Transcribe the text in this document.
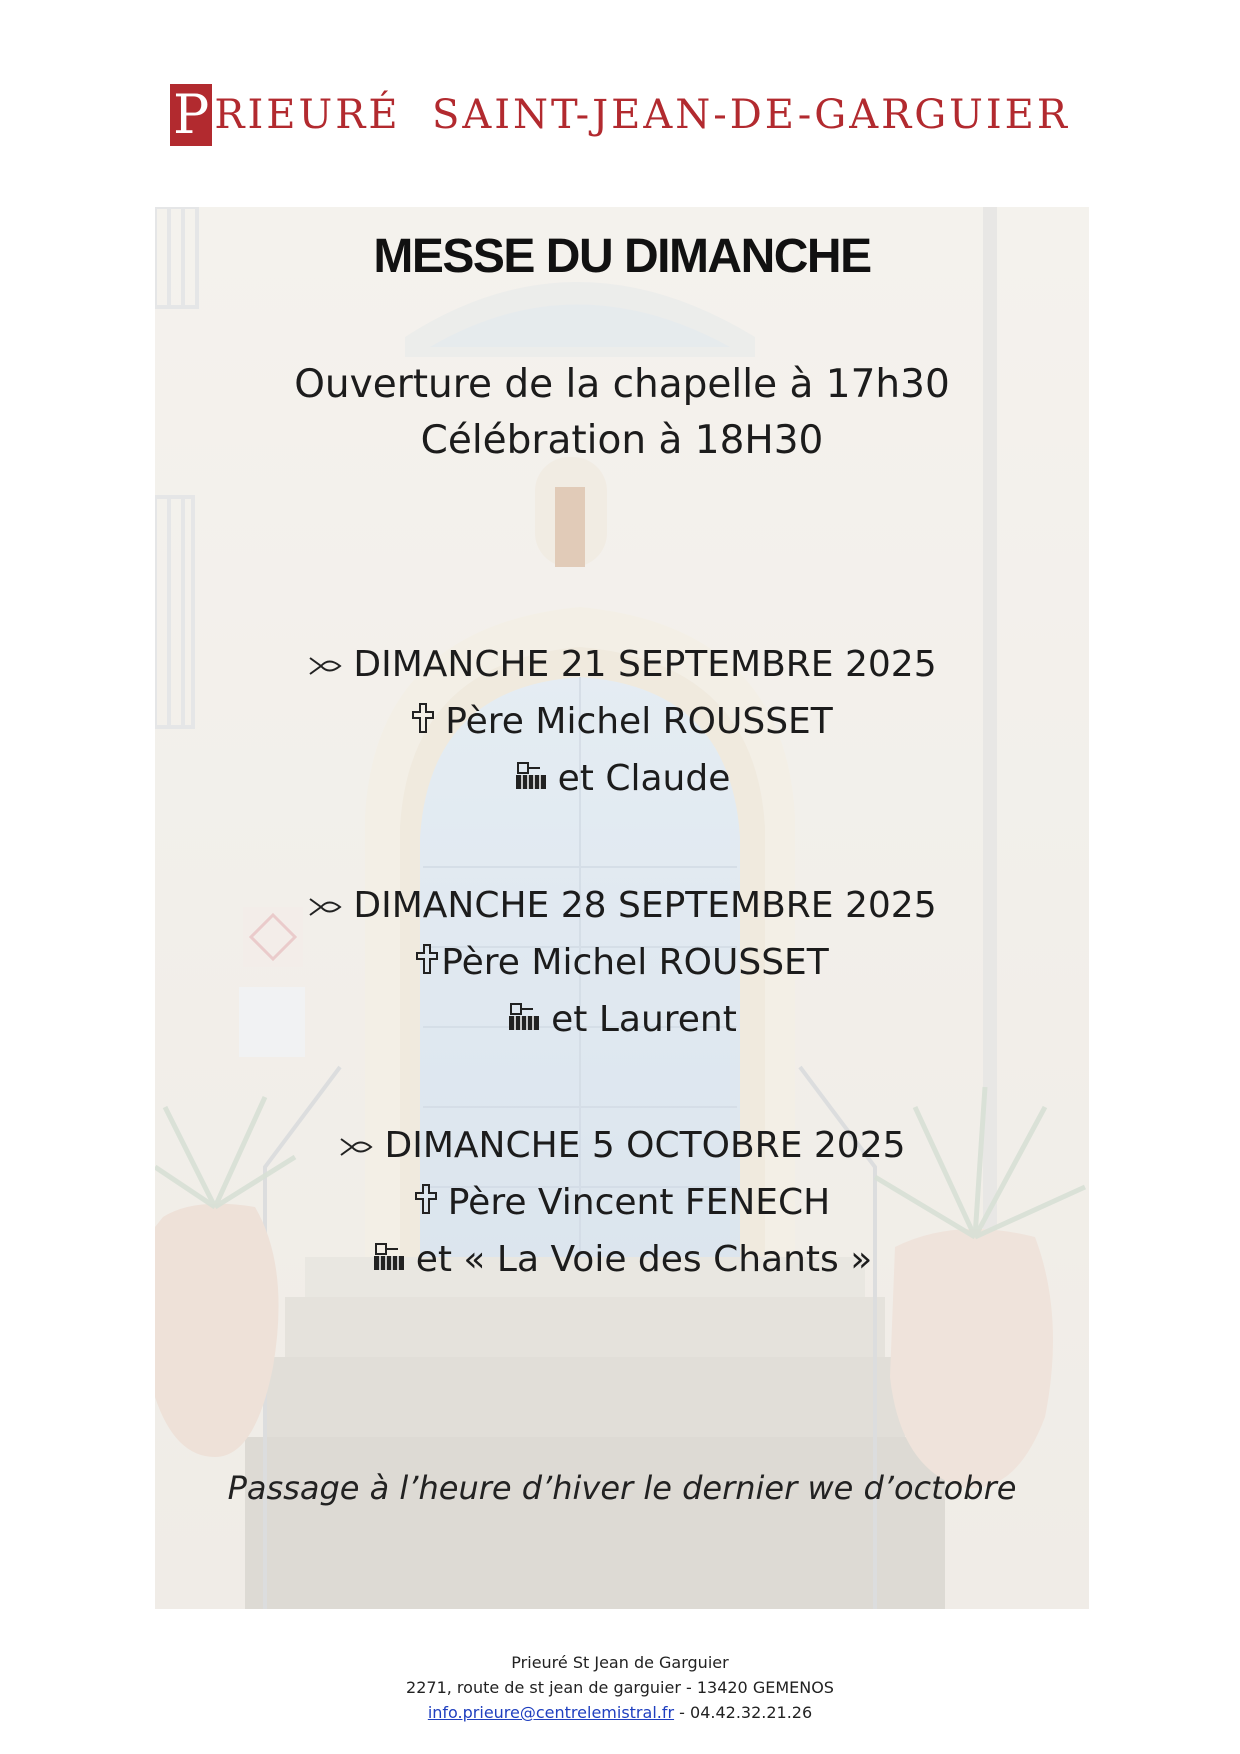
P RIEURÉ  SAINT-JEAN-DE-GARGUIER
MESSE DU DIMANCHE
Ouverture de la chapelle à 17h30
Célébration à 18H30
DIMANCHE 21 SEPTEMBRE 2025
Père Michel ROUSSET
et Claude
DIMANCHE 28 SEPTEMBRE 2025
Père Michel ROUSSET
et Laurent
DIMANCHE 5 OCTOBRE 2025
Père Vincent FENECH
et « La Voie des Chants »
Passage à l’heure d’hiver le dernier we d’octobre
Prieuré St Jean de Garguier
2271, route de st jean de garguier - 13420 GEMENOS
info.prieure@centrelemistral.fr - 04.42.32.21.26
